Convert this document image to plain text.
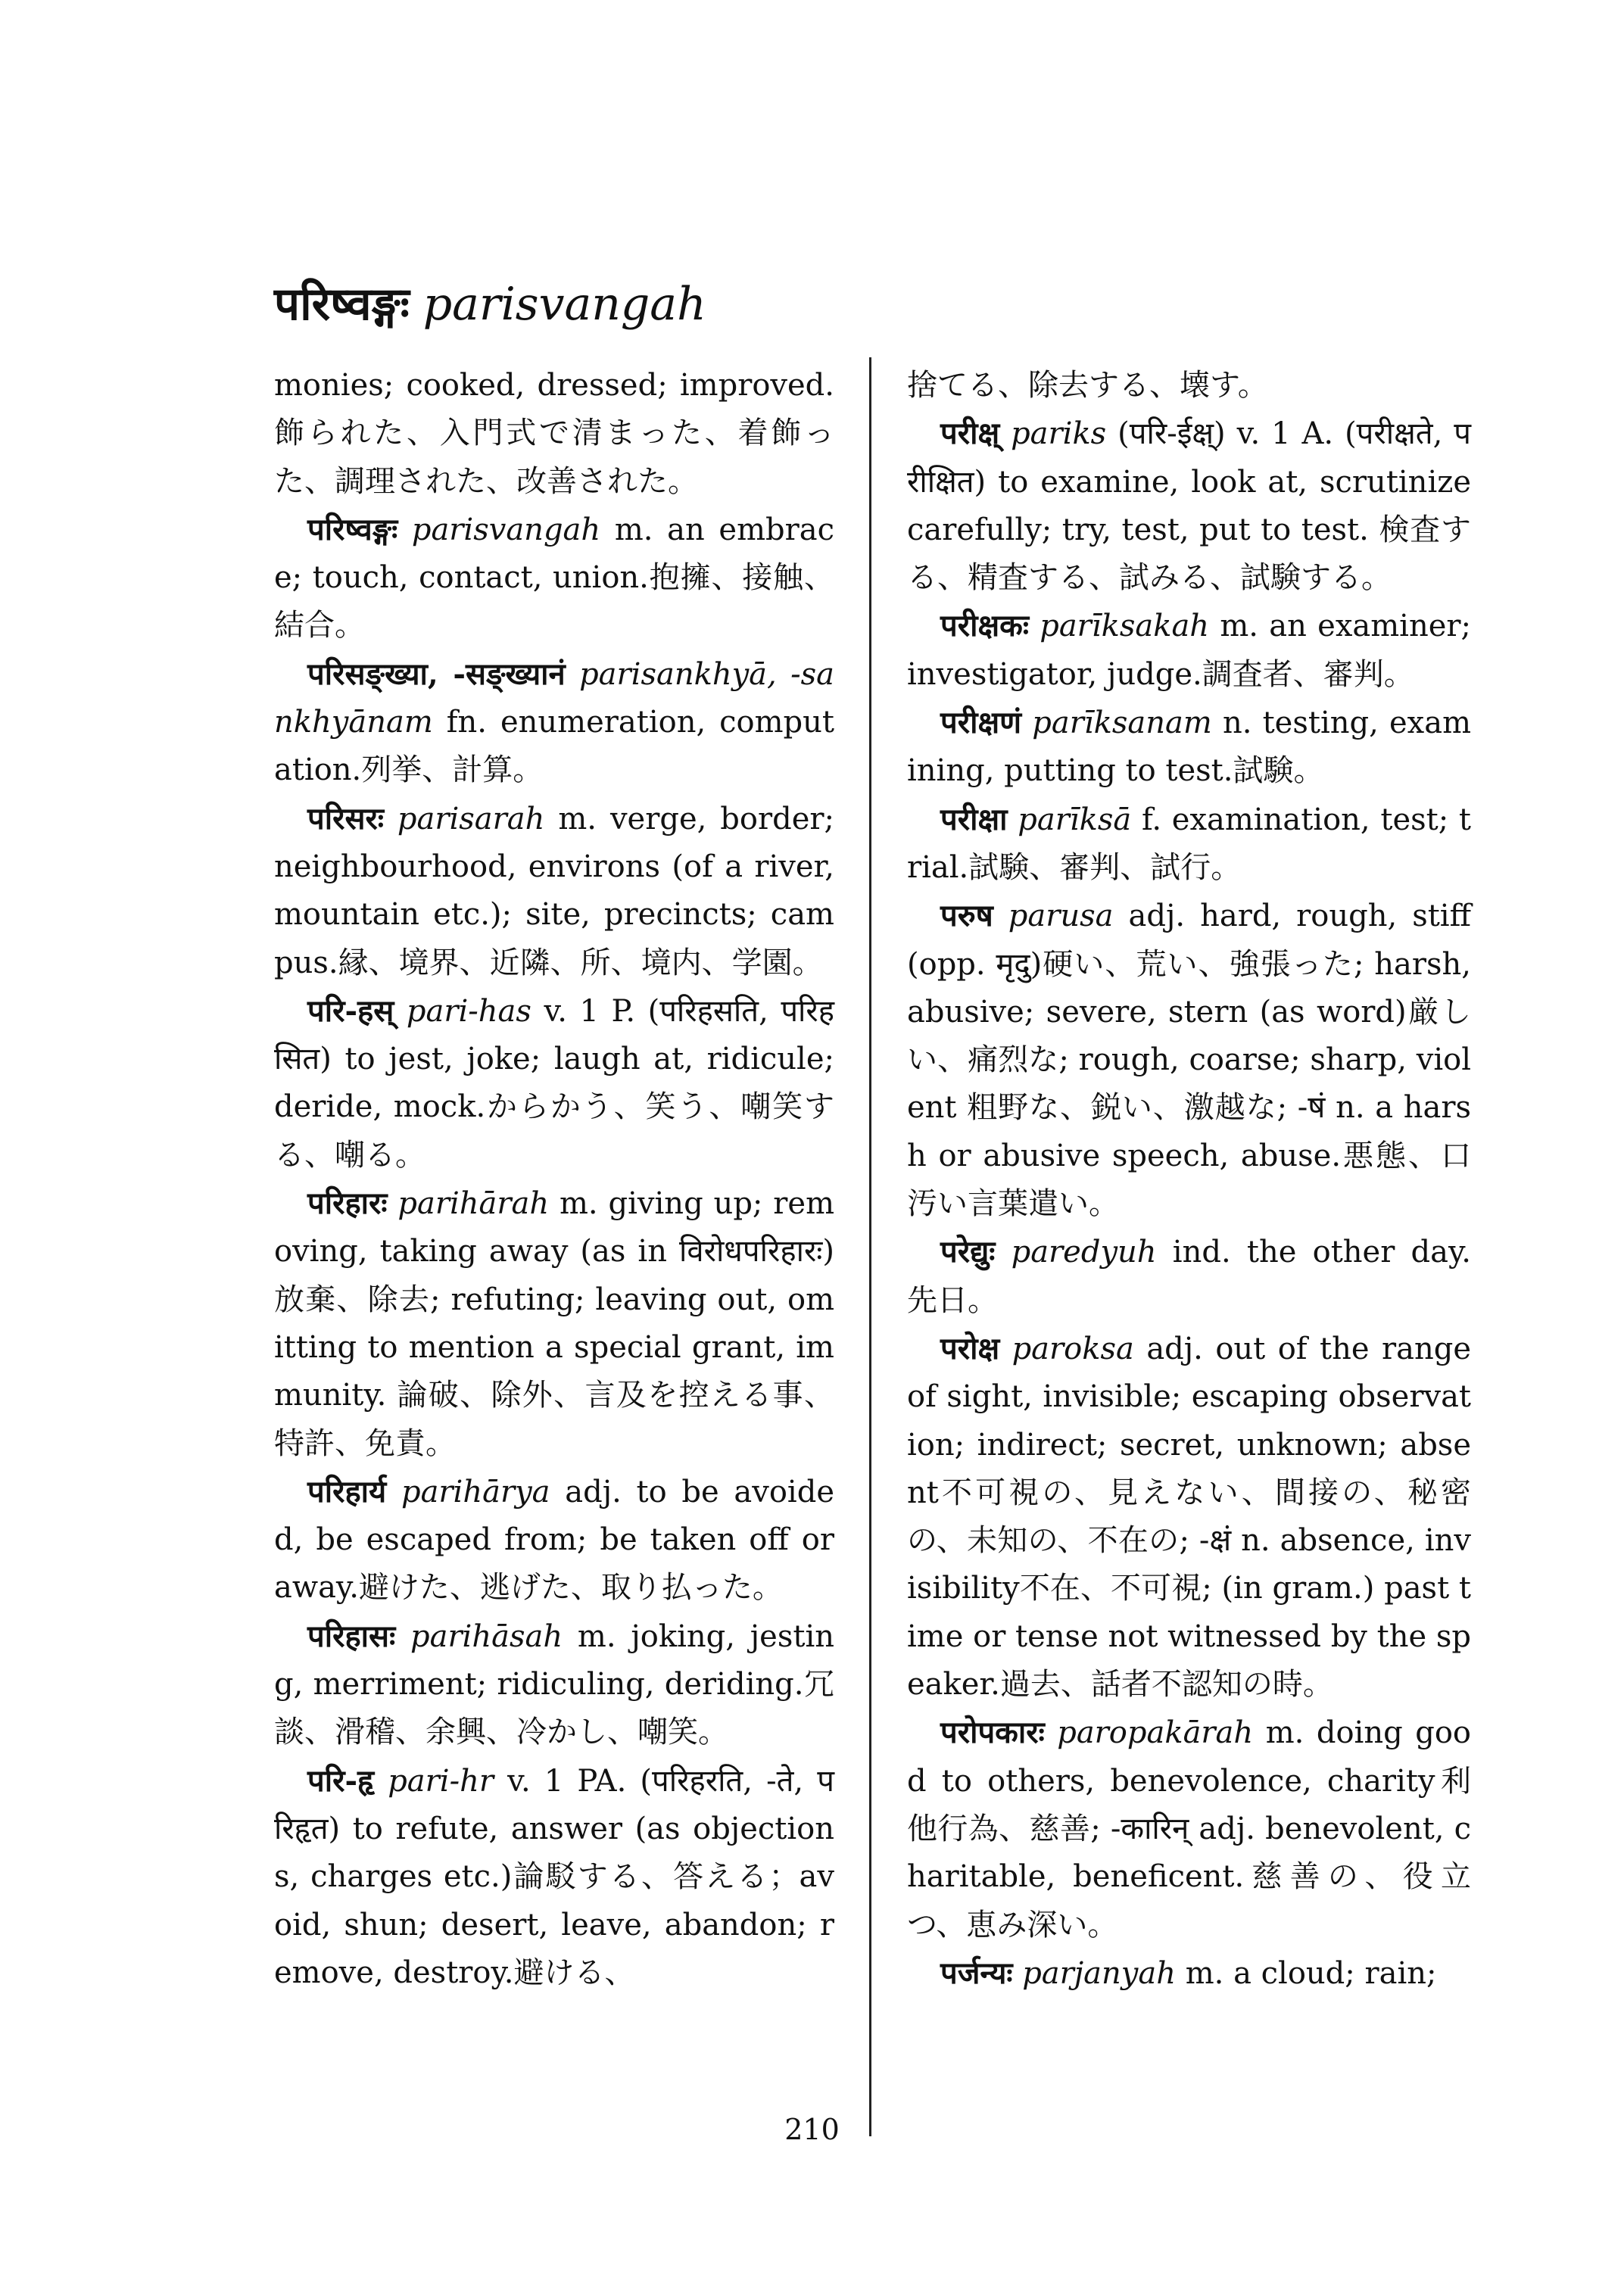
परिष्वङ्गः parisvangah

monies; cooked, dressed; improved. 飾られた、入門式で清まった、着飾った、調理された、改善された。

परिष्वङ्गः parisvangah m. an embrace; touch, contact, union.抱擁、接触、結合。

परिसङ्ख्या, -सङ्ख्यानं parisankhyā, -sankhyānam fn. enumeration, computation.列挙、計算。

परिसरः parisarah m. verge, border; neighbourhood, environs (of a river, mountain etc.); site, precincts; campus.縁、境界、近隣、所、境内、学園。

परि-हस् pari-has v. 1 P. (परिहसति, परिहसित) to jest, joke; laugh at, ridicule; deride, mock.からかう、笑う、嘲笑する、嘲る。

परिहारः parihārah m. giving up; removing, taking away (as in विरोधपरिहारः)放棄、除去; refuting; leaving out, omitting to mention a special grant, immunity. 論破、除外、言及を控える事、特許、免責。

परिहार्य parihārya adj. to be avoided, be escaped from; be taken off or away.避けた、逃げた、取り払った。

परिहासः parihāsah m. joking, jesting, merriment; ridiculing, deriding.冗談、滑稽、余興、冷かし、嘲笑。

परि-हृ pari-hr v. 1 PA. (परिहरति, -ते, परिहृत) to refute, answer (as objections, charges etc.)論駁する、答える；avoid, shun; desert, leave, abandon; remove, destroy.避ける、

捨てる、除去する、壊す。

परीक्ष् pariks (परि-ईक्ष्) v. 1 A. (परीक्षते, परीक्षित) to examine, look at, scrutinize carefully; try, test, put to test. 検査する、精査する、試みる、試験する。

परीक्षकः parīksakah m. an examiner; investigator, judge.調査者、審判。

परीक्षणं parīksanam n. testing, examining, putting to test.試験。

परीक्षा parīksā f. examination, test; trial.試験、審判、試行。

परुष parusa adj. hard, rough, stiff (opp. मृदु)硬い、荒い、強張った; harsh, abusive; severe, stern (as word)厳しい、痛烈な; rough, coarse; sharp, violent 粗野な、鋭い、激越な; -षं n. a harsh or abusive speech, abuse.悪態、口汚い言葉遣い。

परेद्युः paredyuh ind. the other day. 先日。

परोक्ष paroksa adj. out of the range of sight, invisible; escaping observation; indirect; secret, unknown; absent不可視の、見えない、間接の、秘密の、未知の、不在の; -क्षं n. absence, invisibility不在、不可視; (in gram.) past time or tense not witnessed by the speaker.過去、話者不認知の時。

परोपकारः paropakārah m. doing good to others, benevolence, charity利他行為、慈善; -कारिन् adj. benevolent, charitable, beneficent.慈善の、役立つ、恵み深い。

पर्जन्यः parjanyah m. a cloud; rain;

210
